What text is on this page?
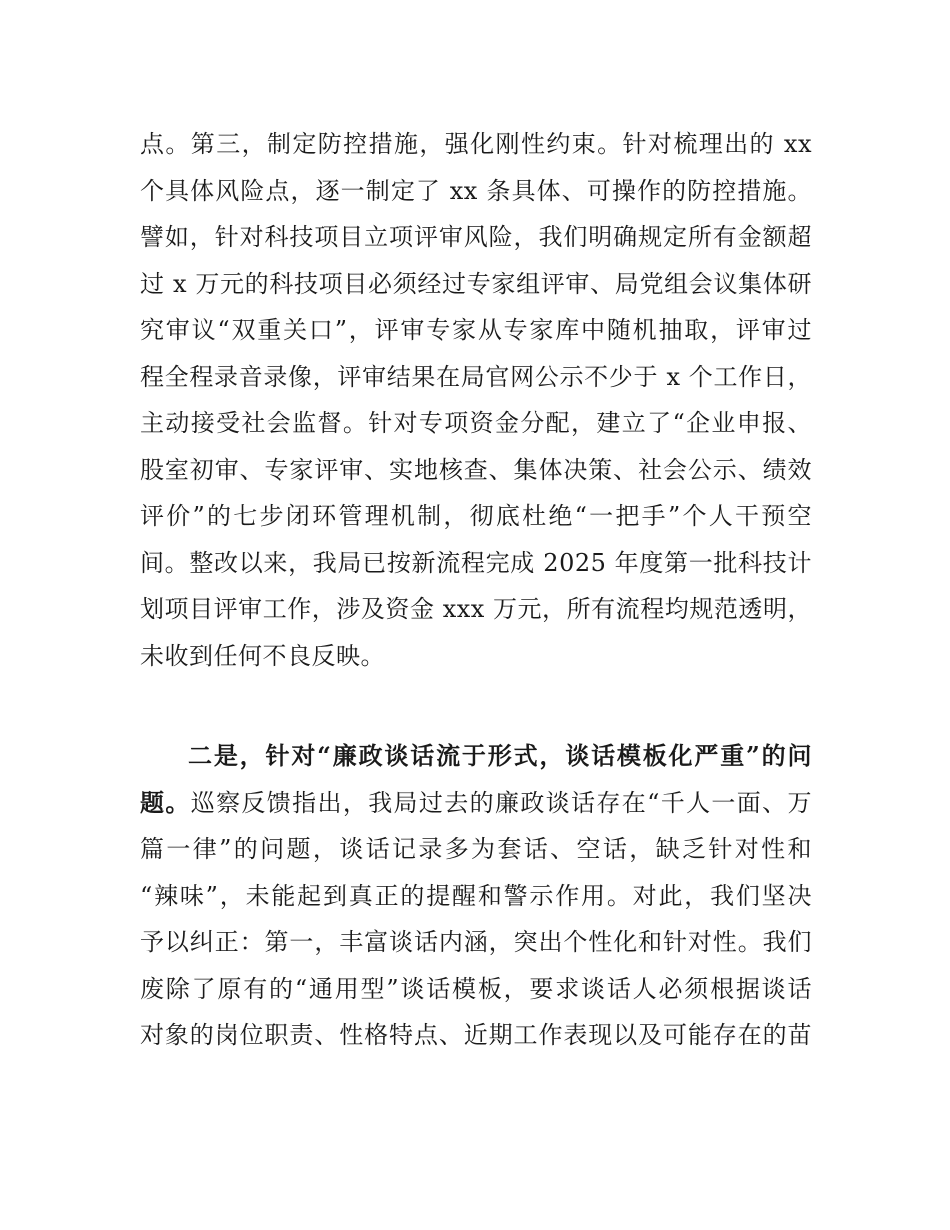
点。第三，制定防控措施，强化刚性约束。针对梳理出的 xx
个具体风险点，逐一制定了 xx 条具体、可操作的防控措施。
譬如，针对科技项目立项评审风险，我们明确规定所有金额超
过 x 万元的科技项目必须经过专家组评审、局党组会议集体研
究审议“双重关口”，评审专家从专家库中随机抽取，评审过
程全程录音录像，评审结果在局官网公示不少于 x 个工作日，
主动接受社会监督。针对专项资金分配，建立了“企业申报、
股室初审、专家评审、实地核查、集体决策、社会公示、绩效
评价”的七步闭环管理机制，彻底杜绝“一把手”个人干预空
间。整改以来，我局已按新流程完成 2025 年度第一批科技计
划项目评审工作，涉及资金 xxx 万元，所有流程均规范透明，
未收到任何不良反映。
二是，针对“廉政谈话流于形式，谈话模板化严重”的问
题。巡察反馈指出，我局过去的廉政谈话存在“千人一面、万
篇一律”的问题，谈话记录多为套话、空话，缺乏针对性和
“辣味”，未能起到真正的提醒和警示作用。对此，我们坚决
予以纠正：第一，丰富谈话内涵，突出个性化和针对性。我们
废除了原有的“通用型”谈话模板，要求谈话人必须根据谈话
对象的岗位职责、性格特点、近期工作表现以及可能存在的苗
